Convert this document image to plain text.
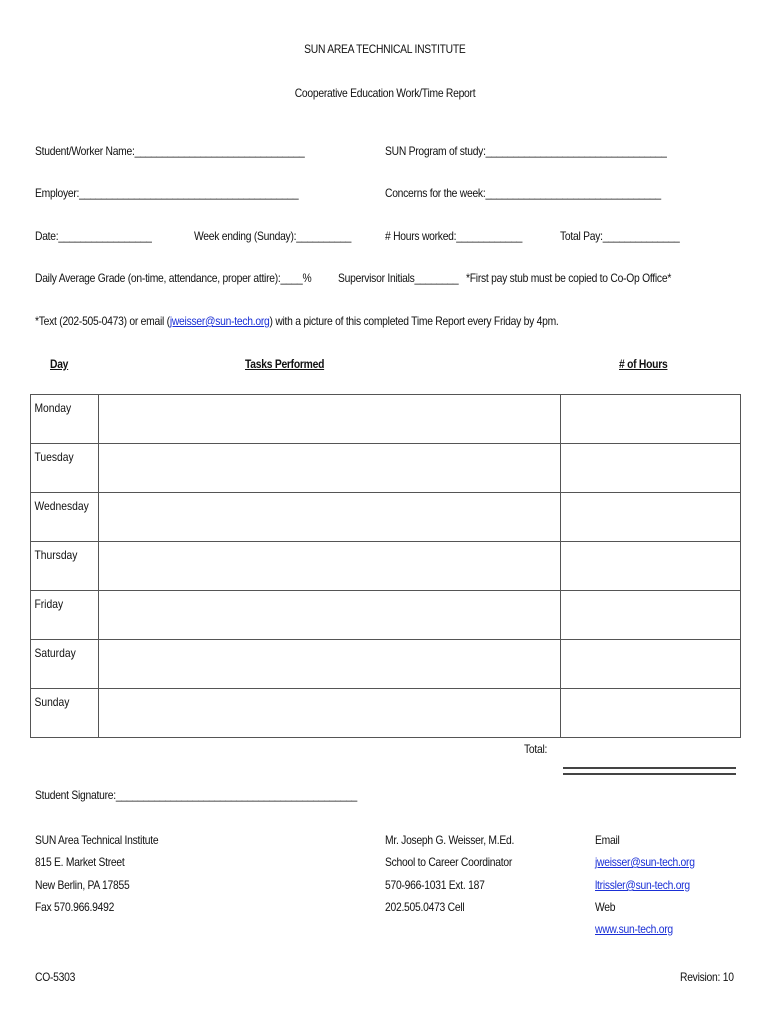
SUN AREA TECHNICAL INSTITUTE
Cooperative Education Work/Time Report
Student/Worker Name:_______________________________	SUN Program of study:_________________________________
Employer:________________________________________	Concerns for the week:________________________________
Date:_________________	Week ending (Sunday):__________	# Hours worked:____________	Total Pay:______________
Daily Average Grade (on-time, attendance, proper attire):____% Supervisor Initials________ *First pay stub must be copied to Co-Op Office*
*Text (202-505-0473) or email (jweisser@sun-tech.org) with a picture of this completed Time Report every Friday by 4pm.
Day	Tasks Performed	# of Hours
Monday		

Tuesday		

Wednesday		

Thursday		

Friday		

Saturday		

Sunday		

Total:
Student Signature:____________________________________________
SUN Area Technical Institute
815 E. Market Street
New Berlin, PA 17855
Fax 570.966.9492
Mr. Joseph G. Weisser, M.Ed.
School to Career Coordinator
570-966-1031 Ext. 187
202.505.0473 Cell
Email
jweisser@sun-tech.org
ltrissler@sun-tech.org
Web
www.sun-tech.org
CO-5303	Revision: 10
